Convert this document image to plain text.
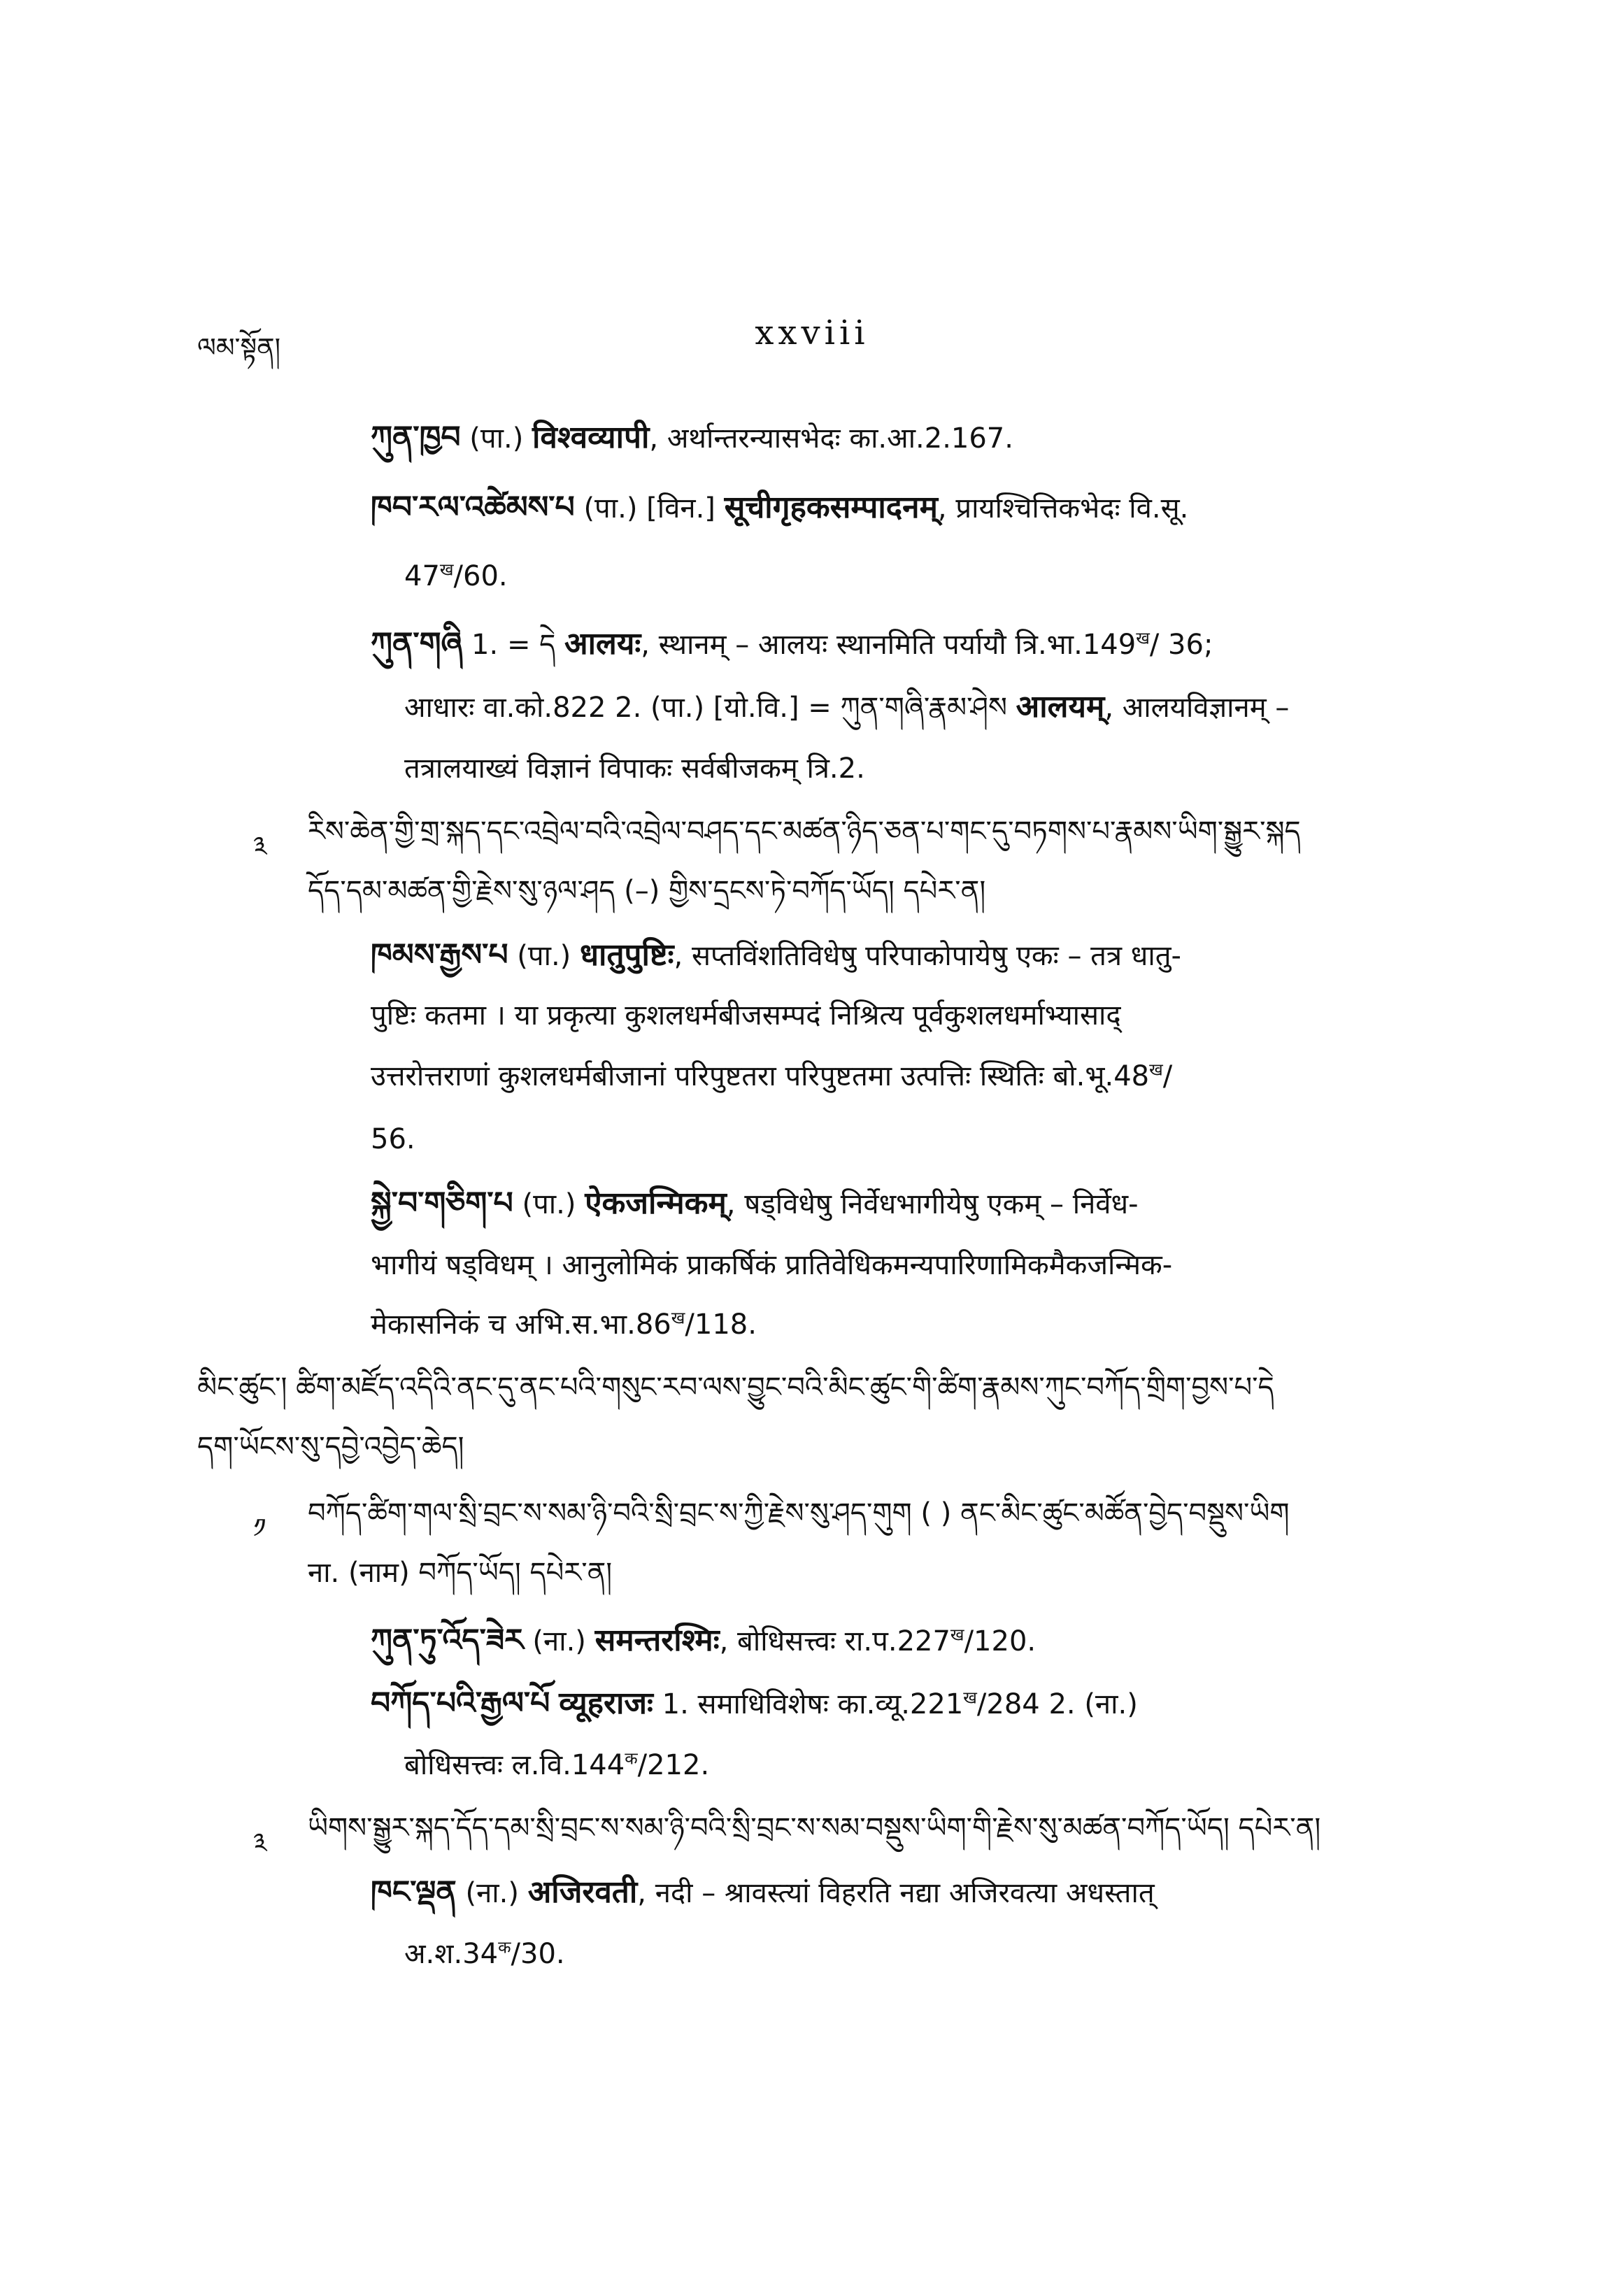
ལམ་སྟོན།	xxviii
ཀུན་ཁྱབ (पा.) विश्वव्यापी, अर्थान्तरन्यासभेदः का.आ.2.167.
ཁབ་རལ་འཚེམས་པ (पा.) [विन.] सूचीगृहकसम्पादनम्, प्रायश्चित्तिकभेदः वि.सू.
$47^ख/60$.
ཀུན་གཞི 1. = དེ आलयः, स्थानम् – आलयः स्थानमिति पर्यायौ $त्रि.भा.149^ख/$ 36;
आधारः वा.को.822 2. (पा.) [यो.वि.] = ཀུན་གཞི་རྣམ་ཤེས आलयम्, आलयविज्ञानम् –
तत्रालयाख्यं विज्ञानं विपाकः सर्वबीजकम् त्रि.2.
རིས་ཆེན་གྱི་གྲ་སྐད་དང་འབྲེལ་བའི་འབྲེལ་བཤད་དང་མཚན་ཉིད་ཅན་པ་གང་དུ་བཏགས་པ་རྣམས་ཡིག་སྒྱུར་སྐད
དོད་དམ་མཚན་གྱི་རྗེས་སུ་ཉལ་ཤད (–) གྱིས་དྲངས་ཏེ་བཀོད་ཡོད། དཔེར་ན།
ཁམས་རྒྱས་པ (पा.) धातुपुष्टिः, सप्तविंशतिविधेषु परिपाकोपायेषु एकः – तत्र धातु-
पुष्टिः कतमा । या प्रकृत्या कुशलधर्मबीजसम्पदं निश्रित्य पूर्वकुशलधर्माभ्यासाद्
उत्तरोत्तराणां कुशलधर्मबीजानां परिपुष्टतरा परिपुष्टतमा उत्पत्तिः स्थितिः $बो.भू.48^ख/$
56.
སྐྱེ་བ་གཅིག་པ (पा.) ऐकजन्मिकम्, षड्विधेषु निर्वेधभागीयेषु एकम् – निर्वेध-
भागीयं षड्विधम् । आनुलोमिकं प्राकर्षिकं प्रातिवेधिकमन्यपारिणामिकमैकजन्मिक-
मेकासनिकं च $अभि.स.भा.86^ख/118$.
མིང་ཚུང་། ཚིག་མཛོད་འདིའི་ནང་དུ་ནང་པའི་གསུང་རབ་ལས་བྱུང་བའི་མིང་ཚུང་གི་ཚིག་རྣམས་ཀུང་བཀོད་གྲིག་བྱས་པ་དེ
དག་ཡོངས་སུ་དབྱེ་འབྱེད་ཆེད།
བཀོད་ཚིག་གལ་སྲི་བྲང་ས་སམ་ཉི་བའི་སྲི་བྲང་ས་ཀྱི་རྗེས་སུ་ཤད་གུག ( ) ནང་མིང་ཚུང་མཚོན་བྱེད་བསྡུས་ཡིག
ना. (नाम) བཀོད་ཡོད། དཔེར་ན།
ཀུན་ཏུ་འོད་ཟེར (ना.) समन्तरश्मिः, बोधिसत्त्वः $रा.प.227^ख/120$.
བཀོད་པའི་རྒྱལ་པོ व्यूहराजः 1. समाधिविशेषः $का.व्यू.221^ख/284$ 2. (ना.)
बोधिसत्त्वः $ल.वि.144^क/212$.
ཡིགས་སྒྱུར་སྐད་དོད་དམ་སྲི་བྲང་ས་སམ་ཉི་བའི་སྲི་བྲང་ས་སམ་བསྡུས་ཡིག་གི་རྗེས་སུ་མཚན་བཀོད་ཡོད། དཔེར་ན།
ཁང་ལྡན (ना.) अजिरवती, नदी – श्रावस्त्यां विहरति नद्या अजिरवत्या अधस्तात्
$अ.श.34^क/30$.
༣
༡
༣
